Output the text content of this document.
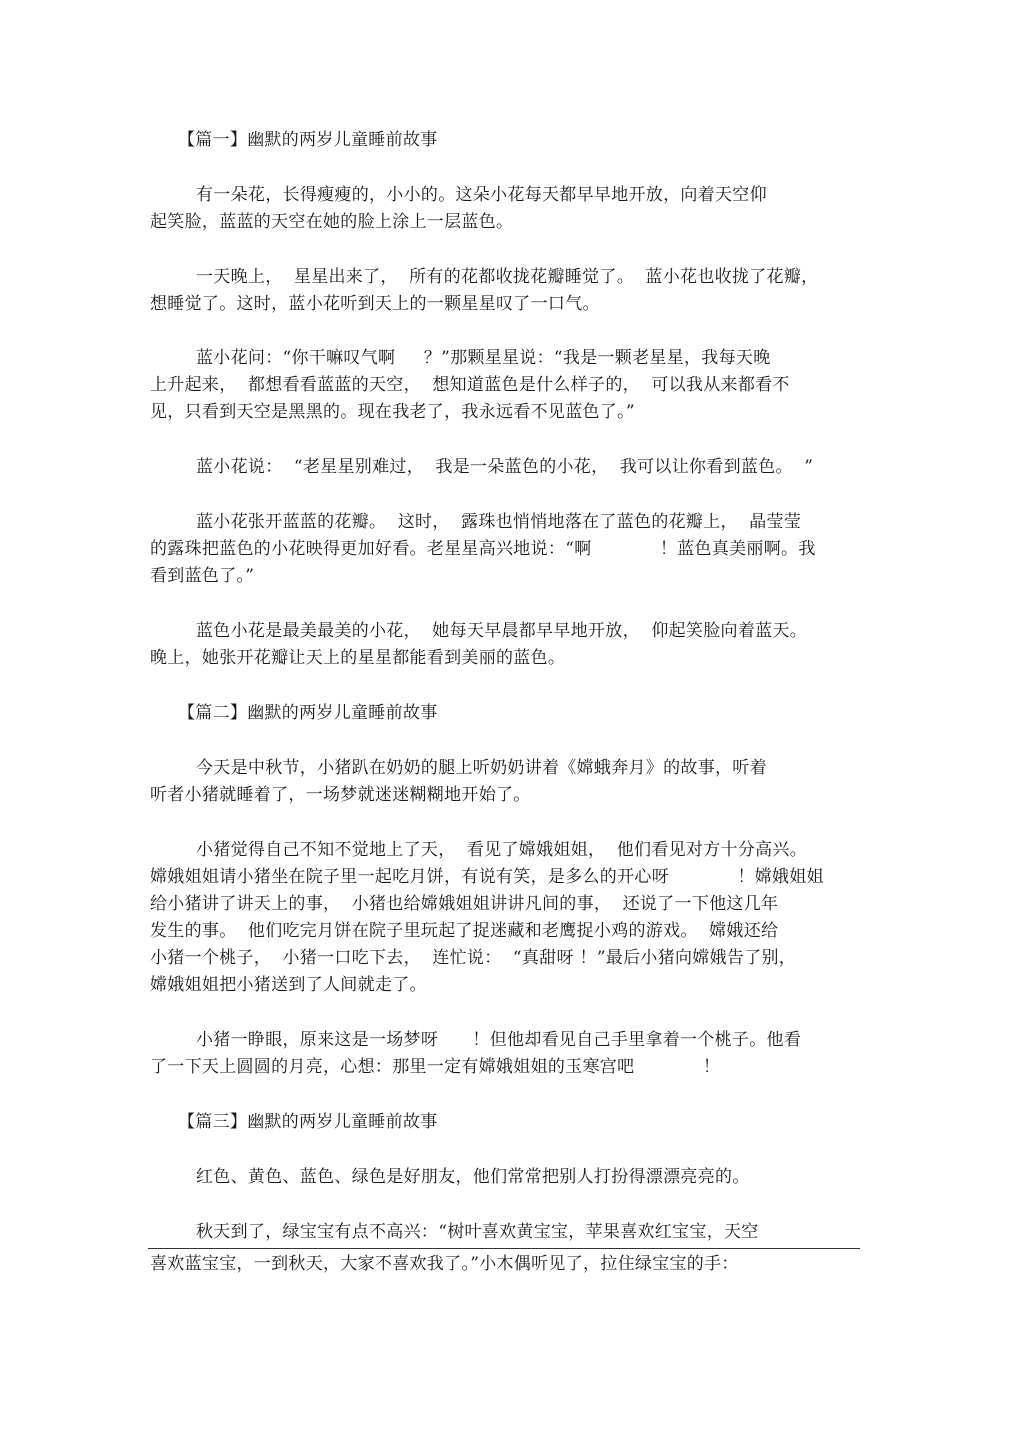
【篇一】幽默的两岁儿童睡前故事
有一朵花，长得瘦瘦的，小小的。这朵小花每天都早早地开放，向着天空仰
起笑脸，蓝蓝的天空在她的脸上涂上一层蓝色。
一天晚上，  星星出来了，  所有的花都收拢花瓣睡觉了。  蓝小花也收拢了花瓣，
想睡觉了。这时，蓝小花听到天上的一颗星星叹了一口气。
蓝小花问：“你干嘛叹气啊     ？”那颗星星说：“我是一颗老星星，我每天晚
上升起来，  都想看看蓝蓝的天空，  想知道蓝色是什么样子的，  可以我从来都看不
见，只看到天空是黑黑的。现在我老了，我永远看不见蓝色了。”
蓝小花说：  “老星星别难过，  我是一朵蓝色的小花，  我可以让你看到蓝色。  ”
蓝小花张开蓝蓝的花瓣。  这时，  露珠也悄悄地落在了蓝色的花瓣上，  晶莹莹
的露珠把蓝色的小花映得更加好看。老星星高兴地说：“啊            ！蓝色真美丽啊。我
看到蓝色了。”
蓝色小花是最美最美的小花，  她每天早晨都早早地开放，  仰起笑脸向着蓝天。
晚上，她张开花瓣让天上的星星都能看到美丽的蓝色。
【篇二】幽默的两岁儿童睡前故事
今天是中秋节，小猪趴在奶奶的腿上听奶奶讲着《嫦蛾奔月》的故事，听着
听者小猪就睡着了，一场梦就迷迷糊糊地开始了。
小猪觉得自己不知不觉地上了天，  看见了嫦娥姐姐，  他们看见对方十分高兴。
嫦娥姐姐请小猪坐在院子里一起吃月饼，有说有笑，是多么的开心呀            ！嫦娥姐姐
给小猪讲了讲天上的事，  小猪也给嫦娥姐姐讲讲凡间的事，  还说了一下他这几年
发生的事。  他们吃完月饼在院子里玩起了捉迷藏和老鹰捉小鸡的游戏。  嫦娥还给
小猪一个桃子，  小猪一口吃下去，  连忙说：  “真甜呀 ！”最后小猪向嫦娥告了别，
嫦娥姐姐把小猪送到了人间就走了。
小猪一睁眼，原来这是一场梦呀      ！但他却看见自己手里拿着一个桃子。他看
了一下天上圆圆的月亮，心想：那里一定有嫦娥姐姐的玉寒宫吧            ！
【篇三】幽默的两岁儿童睡前故事
红色、黄色、蓝色、绿色是好朋友，他们常常把别人打扮得漂漂亮亮的。
秋天到了，绿宝宝有点不高兴：“树叶喜欢黄宝宝，苹果喜欢红宝宝，天空
喜欢蓝宝宝，一到秋天，大家不喜欢我了。”小木偶听见了，拉住绿宝宝的手：
